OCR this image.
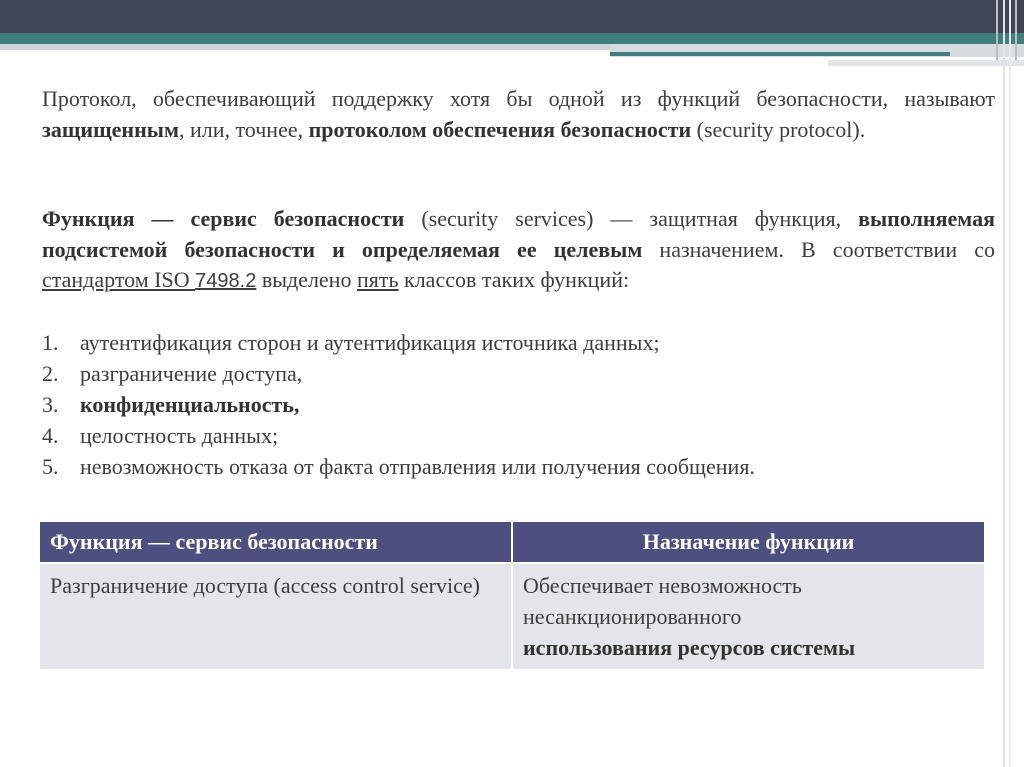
Протокол, обеспечивающий поддержку хотя бы одной из функций безопасности, называют защищенным, или, точнее, протоколом обеспечения безопасности (security protocol).
Функция — сервис безопасности (security services) — защитная функция, выполняемая подсистемой безопасности и определяемая ее целевым назначением. В соответствии со стандартом ISO 7498.2 выделено пять классов таких функций:
1. аутентификация сторон и аутентификация источника данных;
2. разграничение доступа,
3. конфиденциальность,
4. целостность данных;
5. невозможность отказа от факта отправления или получения сообщения.
Функция — сервис безопасности	Назначение функции
Разграничение доступа (access control service)	Обеспечивает невозможность несанкционированного
использования ресурсов системы
